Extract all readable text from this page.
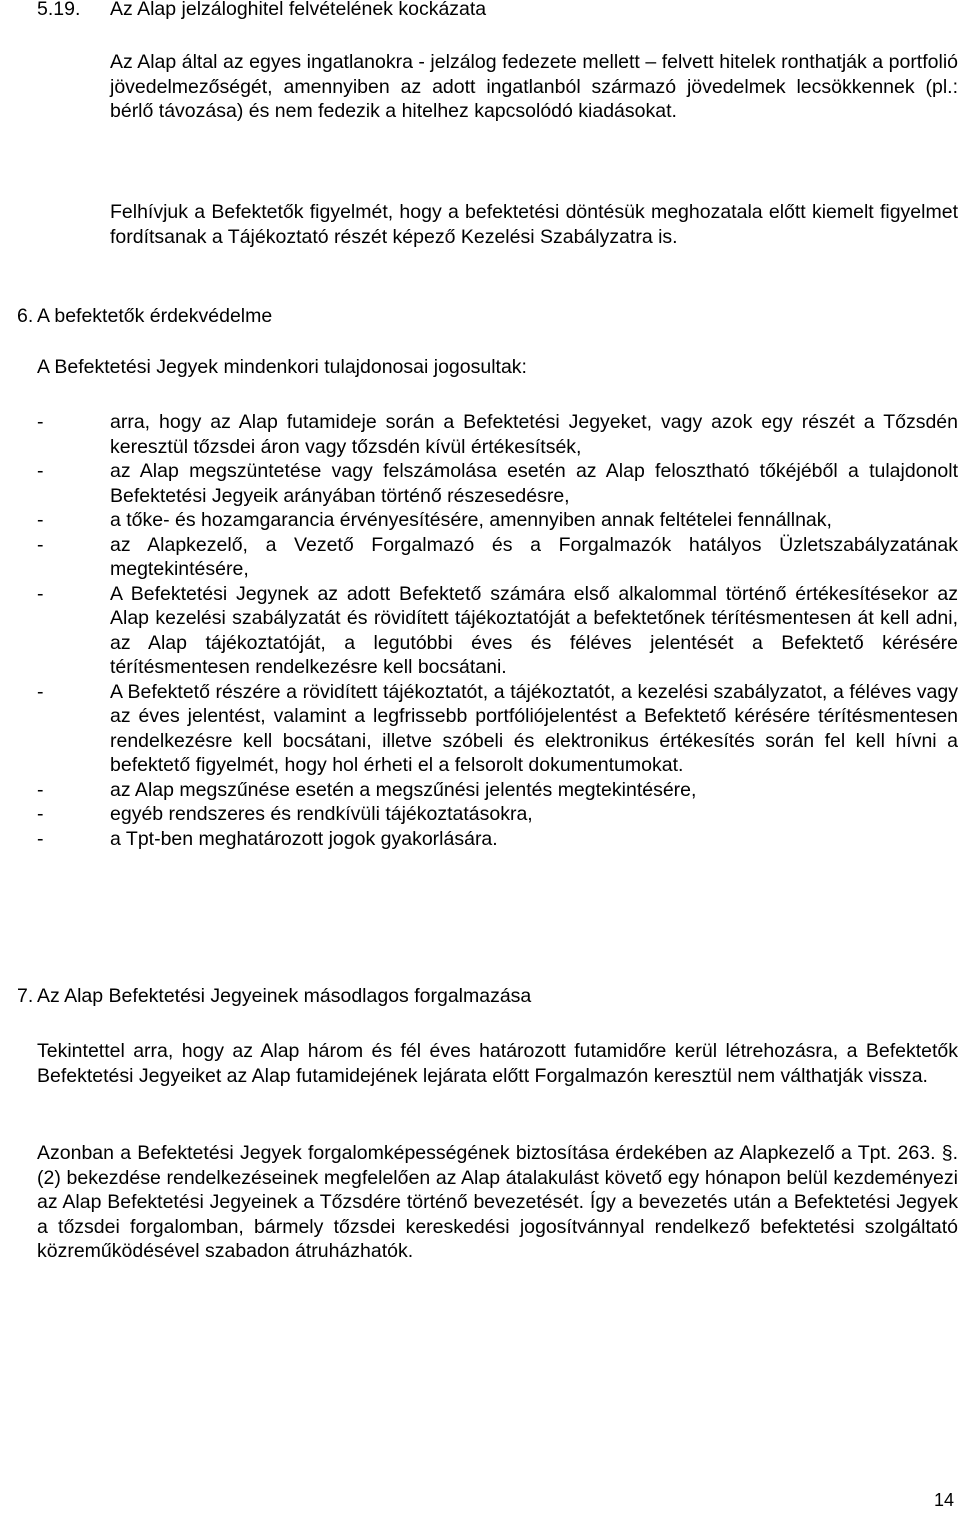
5.19. Az Alap jelzáloghitel felvételének kockázata
Az Alap által az egyes ingatlanokra - jelzálog fedezete mellett – felvett hitelek ronthatják a portfolió jövedelmezőségét, amennyiben az adott ingatlanból származó jövedelmek lecsökkennek (pl.: bérlő távozása) és nem fedezik a hitelhez kapcsolódó kiadásokat.
Felhívjuk a Befektetők figyelmét, hogy a befektetési döntésük meghozatala előtt kiemelt figyelmet fordítsanak a Tájékoztató részét képező Kezelési Szabályzatra is.
6. A befektetők érdekvédelme
A Befektetési Jegyek mindenkori tulajdonosai jogosultak:
-	arra, hogy az Alap futamideje során a Befektetési Jegyeket, vagy azok egy részét a Tőzsdén keresztül tőzsdei áron vagy tőzsdén kívül értékesítsék,
-	az Alap megszüntetése vagy felszámolása esetén az Alap felosztható tőkéjéből a tulajdonolt Befektetési Jegyeik arányában történő részesedésre,
-	a tőke- és hozamgarancia érvényesítésére, amennyiben annak feltételei fennállnak,
-	az Alapkezelő, a Vezető Forgalmazó és a Forgalmazók hatályos Üzletszabályzatának megtekintésére,
-	A Befektetési Jegynek az adott Befektető számára első alkalommal történő értékesítésekor az Alap kezelési szabályzatát és rövidített tájékoztatóját a befektetőnek térítésmentesen át kell adni, az Alap tájékoztatóját, a legutóbbi éves és féléves jelentését a Befektető kérésére térítésmentesen rendelkezésre kell bocsátani.
-	A Befektető részére a rövidített tájékoztatót, a tájékoztatót, a kezelési szabályzatot, a féléves vagy az éves jelentést, valamint a legfrissebb portfóliójelentést a Befektető kérésére térítésmentesen rendelkezésre kell bocsátani, illetve szóbeli és elektronikus értékesítés során fel kell hívni a befektető figyelmét, hogy hol érheti el a felsorolt dokumentumokat.
-	az Alap megszűnése esetén a megszűnési jelentés megtekintésére,
-	egyéb rendszeres és rendkívüli tájékoztatásokra,
-	a Tpt-ben meghatározott jogok gyakorlására.
7. Az Alap Befektetési Jegyeinek másodlagos forgalmazása
Tekintettel arra, hogy az Alap három és fél éves határozott futamidőre kerül létrehozásra, a Befektetők Befektetési Jegyeiket az Alap futamidejének lejárata előtt Forgalmazón keresztül nem válthatják vissza.
Azonban a Befektetési Jegyek forgalomképességének biztosítása érdekében az Alapkezelő a Tpt. 263. §. (2) bekezdése rendelkezéseinek megfelelően az Alap átalakulást követő egy hónapon belül kezdeményezi az Alap Befektetési Jegyeinek a Tőzsdére történő bevezetését. Így a bevezetés után a Befektetési Jegyek a tőzsdei forgalomban, bármely tőzsdei kereskedési jogosítvánnyal rendelkező befektetési szolgáltató közreműködésével szabadon átruházhatók.
14
